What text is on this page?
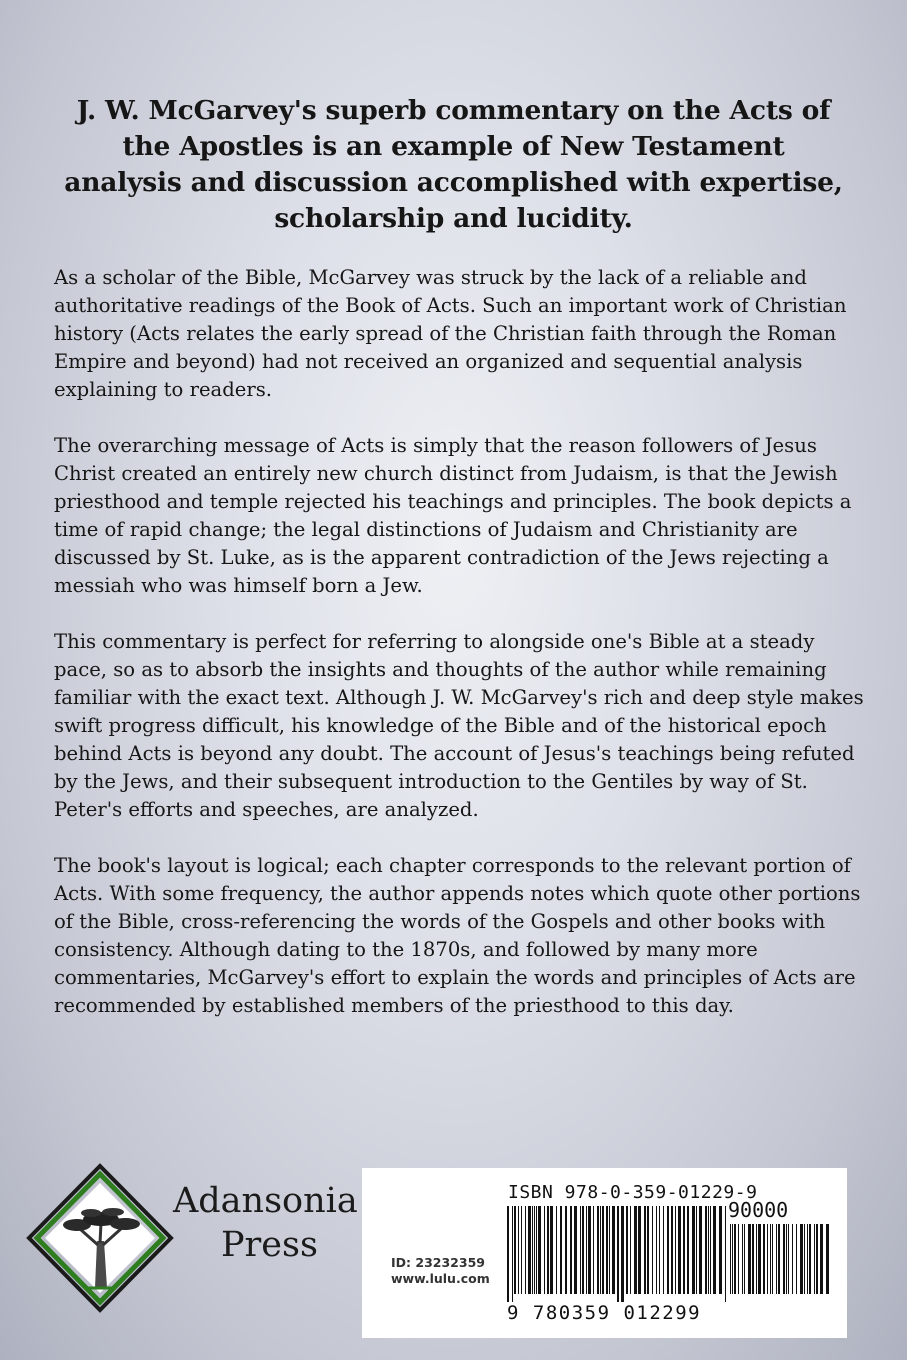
J. W. McGarvey's superb commentary on the Acts of the Apostles is an example of New Testament analysis and discussion accomplished with expertise, scholarship and lucidity.

As a scholar of the Bible, McGarvey was struck by the lack of a reliable and authoritative readings of the Book of Acts. Such an important work of Christian history (Acts relates the early spread of the Christian faith through the Roman Empire and beyond) had not received an organized and sequential analysis explaining to readers.

The overarching message of Acts is simply that the reason followers of Jesus Christ created an entirely new church distinct from Judaism, is that the Jewish priesthood and temple rejected his teachings and principles. The book depicts a time of rapid change; the legal distinctions of Judaism and Christianity are discussed by St. Luke, as is the apparent contradiction of the Jews rejecting a messiah who was himself born a Jew.

This commentary is perfect for referring to alongside one's Bible at a steady pace, so as to absorb the insights and thoughts of the author while remaining familiar with the exact text. Although J. W. McGarvey's rich and deep style makes swift progress difficult, his knowledge of the Bible and of the historical epoch behind Acts is beyond any doubt. The account of Jesus's teachings being refuted by the Jews, and their subsequent introduction to the Gentiles by way of St. Peter's efforts and speeches, are analyzed.

The book's layout is logical; each chapter corresponds to the relevant portion of Acts. With some frequency, the author appends notes which quote other portions of the Bible, cross-referencing the words of the Gospels and other books with consistency. Although dating to the 1870s, and followed by many more commentaries, McGarvey's effort to explain the words and principles of Acts are recommended by established members of the priesthood to this day.

Adansonia
Press
ISBN 978-0-359-01229-9
90000
ID: 23232359
www.lulu.com
9 780359 012299
